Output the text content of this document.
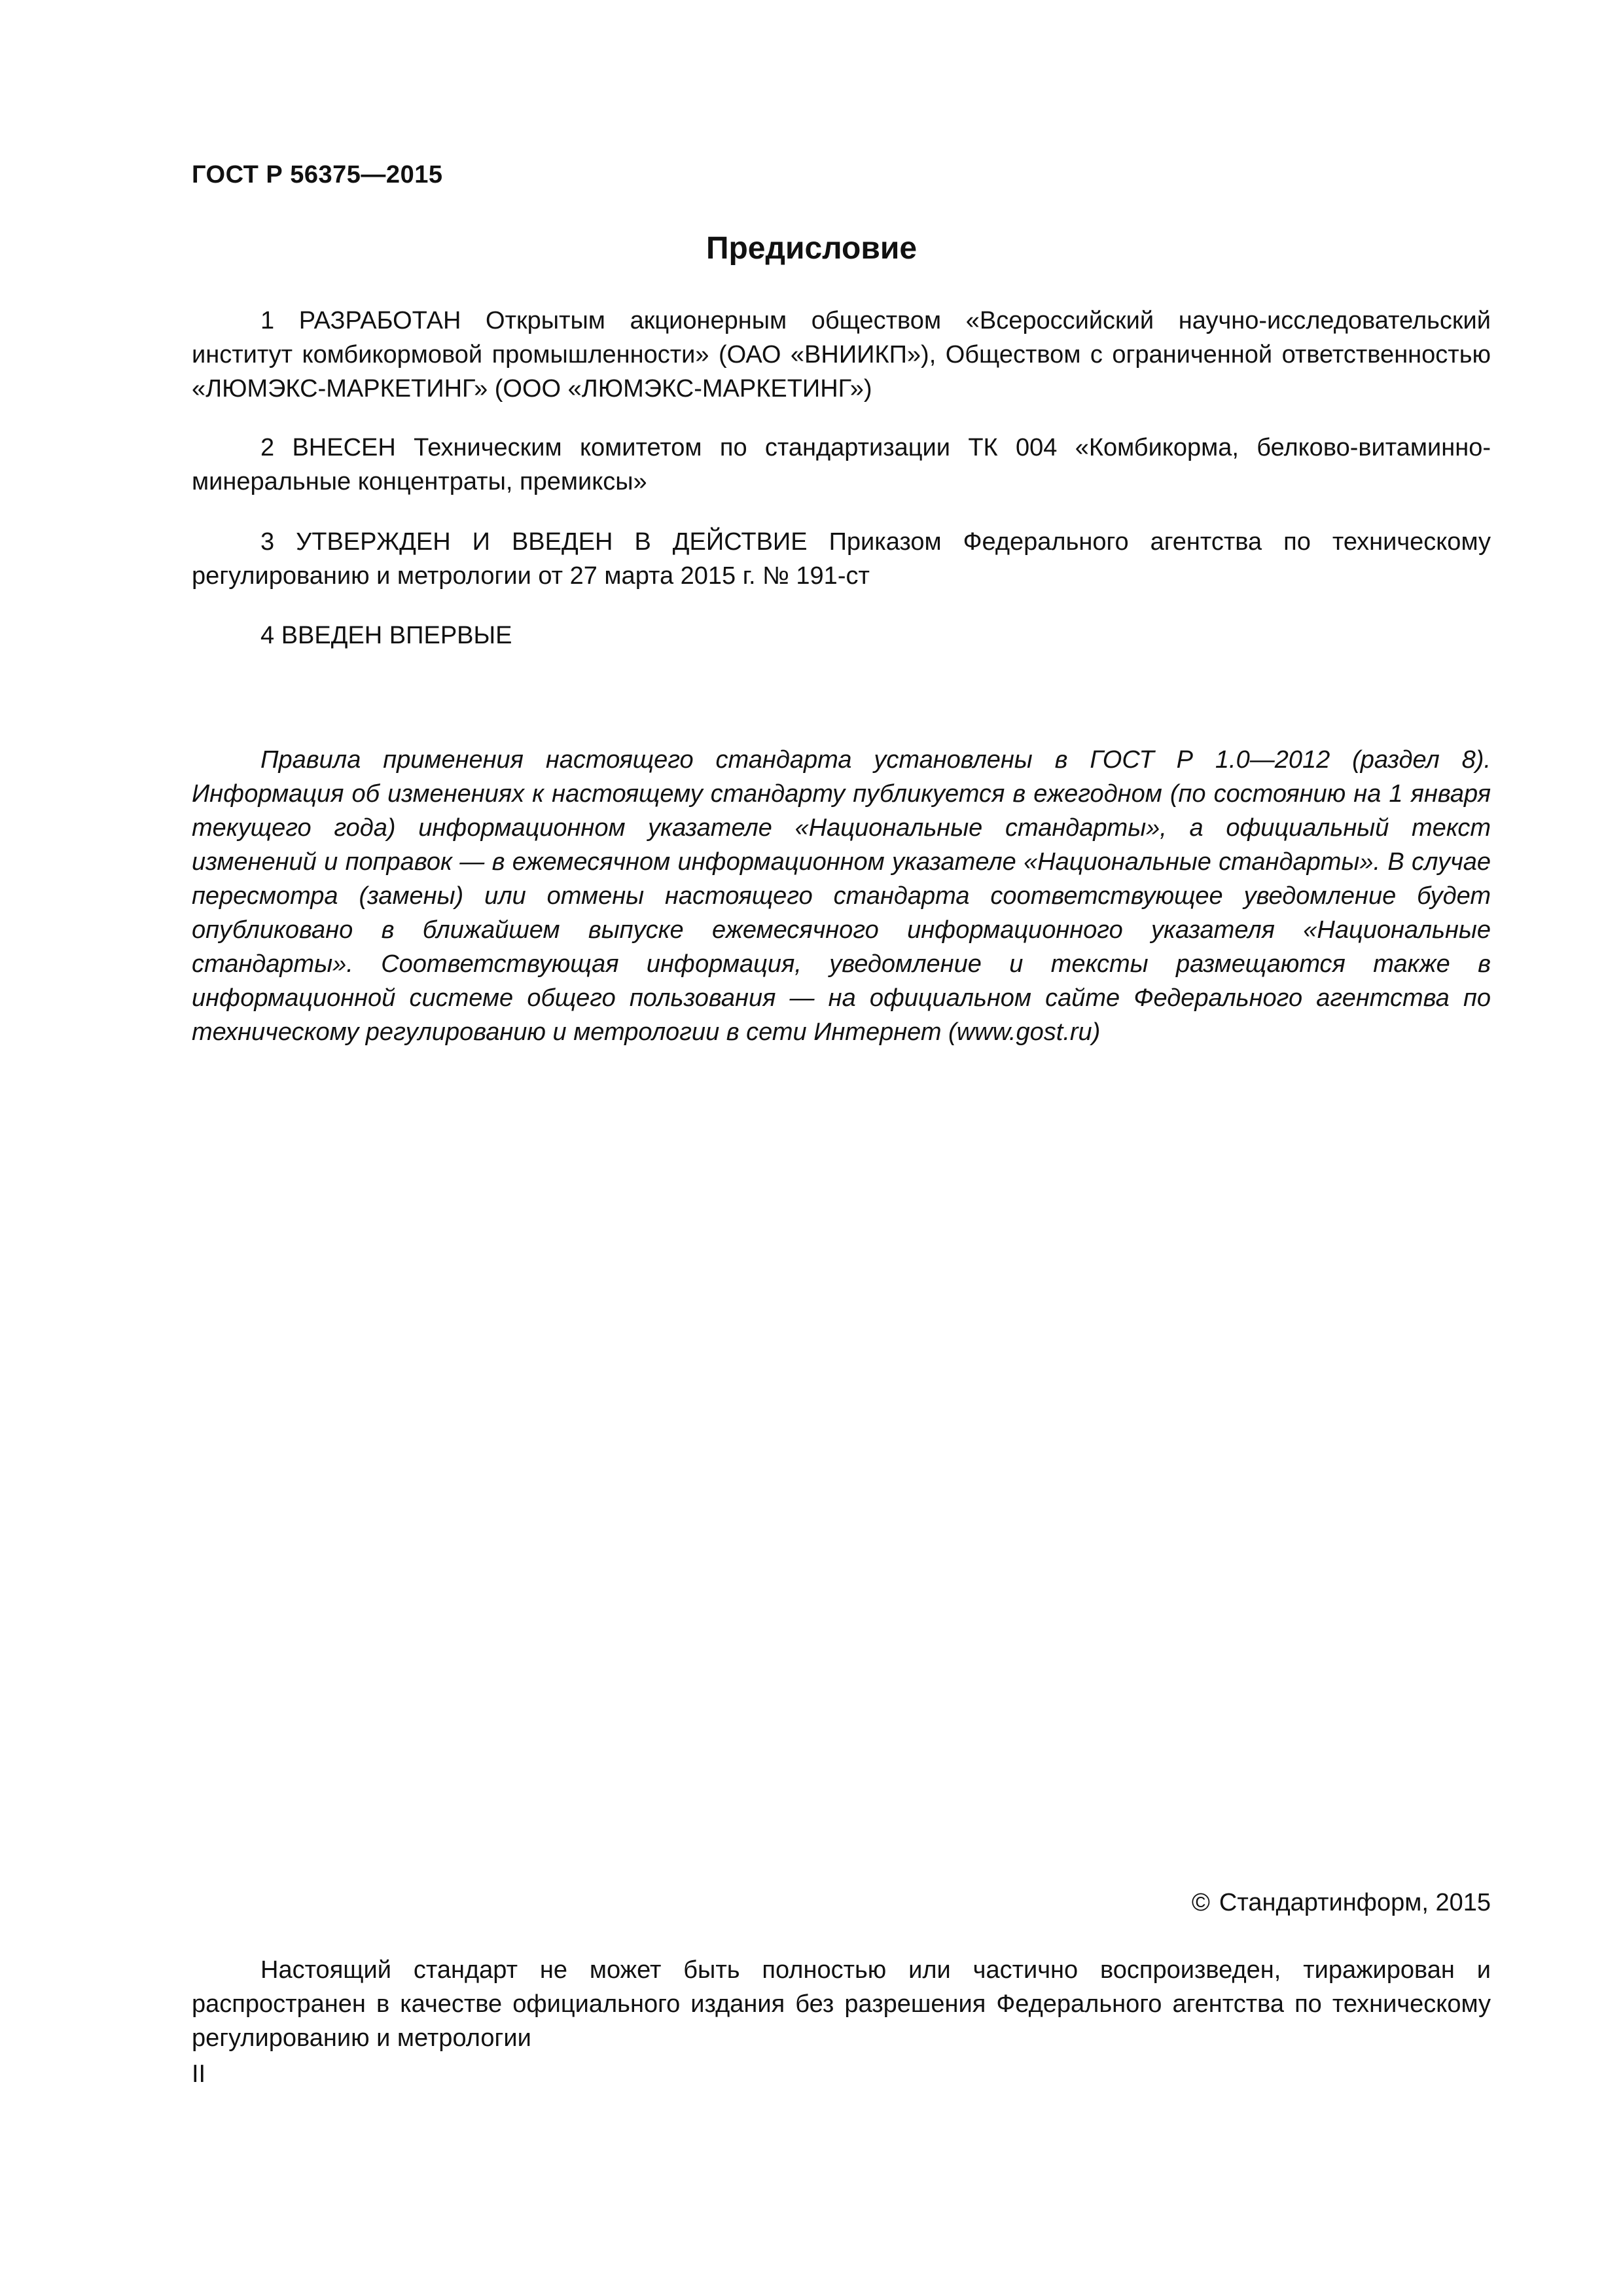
ГОСТ Р 56375—2015
Предисловие

1 РАЗРАБОТАН Открытым акционерным обществом «Всероссийский научно-исследовательский институт комбикормовой промышленности» (ОАО «ВНИИКП»), Обществом с ограниченной ответственностью «ЛЮМЭКС-МАРКЕТИНГ» (ООО «ЛЮМЭКС-МАРКЕТИНГ»)

2 ВНЕСЕН Техническим комитетом по стандартизации ТК 004 «Комбикорма, белково-витаминно-минеральные концентраты, премиксы»

3 УТВЕРЖДЕН И ВВЕДЕН В ДЕЙСТВИЕ Приказом Федерального агентства по техническому регулированию и метрологии от 27 марта 2015 г. № 191-ст

4 ВВЕДЕН ВПЕРВЫЕ

Правила применения настоящего стандарта установлены в ГОСТ Р 1.0—2012 (раздел 8). Информация об изменениях к настоящему стандарту публикуется в ежегодном (по состоянию на 1 января текущего года) информационном указателе «Национальные стандарты», а официальный текст изменений и поправок — в ежемесячном информационном указателе «Национальные стандарты». В случае пересмотра (замены) или отмены настоящего стандарта соответствующее уведомление будет опубликовано в ближайшем выпуске ежемесячного информационного указателя «Национальные стандарты». Соответствующая информация, уведомление и тексты размещаются также в информационной системе общего пользования — на официальном сайте Федерального агентства по техническому регулированию и метрологии в сети Интернет (www.gost.ru)

© Стандартинформ, 2015

Настоящий стандарт не может быть полностью или частично воспроизведен, тиражирован и распространен в качестве официального издания без разрешения Федерального агентства по техническому регулированию и метрологии

II
